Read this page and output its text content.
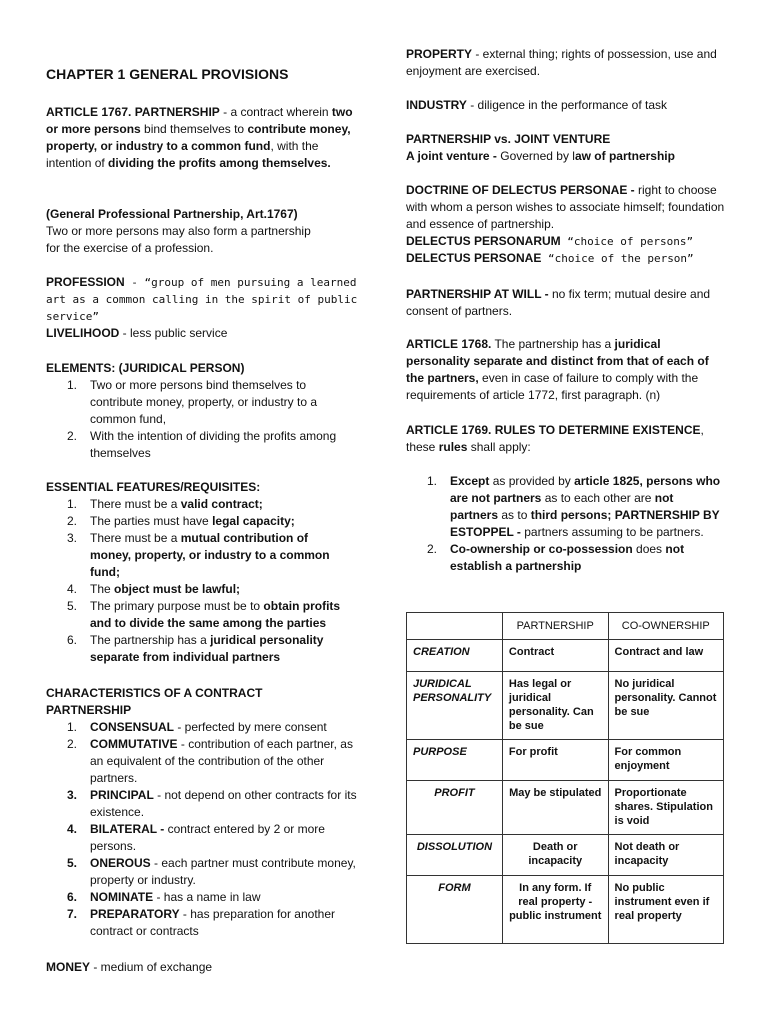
CHAPTER 1 GENERAL PROVISIONS

ARTICLE 1767. PARTNERSHIP - a contract wherein two or more persons bind themselves to contribute money, property, or industry to a common fund, with the intention of dividing the profits among themselves.

(General Professional Partnership, Art.1767)

Two or more persons may also form a partnership

for the exercise of a profession.

PROFESSION - “group of men pursuing a learned art as a common calling in the spirit of public service”

LIVELIHOOD - less public service

ELEMENTS: (JURIDICAL PERSON)

1. Two or more persons bind themselves to contribute money, property, or industry to a common fund,
2. With the intention of dividing the profits among themselves

ESSENTIAL FEATURES/REQUISITES:

1. There must be a valid contract;
2. The parties must have legal capacity;
3. There must be a mutual contribution of money, property, or industry to a common fund;
4. The object must be lawful;
5. The primary purpose must be to obtain profits and to divide the same among the parties
6. The partnership has a juridical personality separate from individual partners

CHARACTERISTICS OF A CONTRACT PARTNERSHIP

1. CONSENSUAL - perfected by mere consent
2. COMMUTATIVE - contribution of each partner, as an equivalent of the contribution of the other partners.
3. PRINCIPAL - not depend on other contracts for its existence.
4. BILATERAL - contract entered by 2 or more persons.
5. ONEROUS - each partner must contribute money, property or industry.
6. NOMINATE - has a name in law
7. PREPARATORY - has preparation for another contract or contracts

MONEY - medium of exchange

PROPERTY - external thing; rights of possession, use and enjoyment are exercised.

INDUSTRY - diligence in the performance of task

PARTNERSHIP vs. JOINT VENTURE

A joint venture - Governed by law of partnership

DOCTRINE OF DELECTUS PERSONAE - right to choose with whom a person wishes to associate himself; foundation and essence of partnership.

DELECTUS PERSONARUM “choice of persons”

DELECTUS PERSONAE “choice of the person”

PARTNERSHIP AT WILL - no fix term; mutual desire and consent of partners.

ARTICLE 1768. The partnership has a juridical personality separate and distinct from that of each of the partners, even in case of failure to comply with the requirements of article 1772, first paragraph. (n)

ARTICLE 1769. RULES TO DETERMINE EXISTENCE, these rules shall apply:

1. Except as provided by article 1825, persons who are not partners as to each other are not partners as to third persons; PARTNERSHIP BY ESTOPPEL - partners assuming to be partners.
2. Co-ownership or co-possession does not establish a partnership
	PARTNERSHIP	CO-OWNERSHIP
CREATION	Contract	Contract and law
JURIDICAL PERSONALITY	Has legal or juridical personality. Can be sue	No juridical personality. Cannot be sue
PURPOSE	For profit	For common enjoyment
PROFIT	May be stipulated	Proportionate shares. Stipulation is void
DISSOLUTION	Death or incapacity	Not death or incapacity
FORM	In any form. If real property - public instrument	No public instrument even if real property
